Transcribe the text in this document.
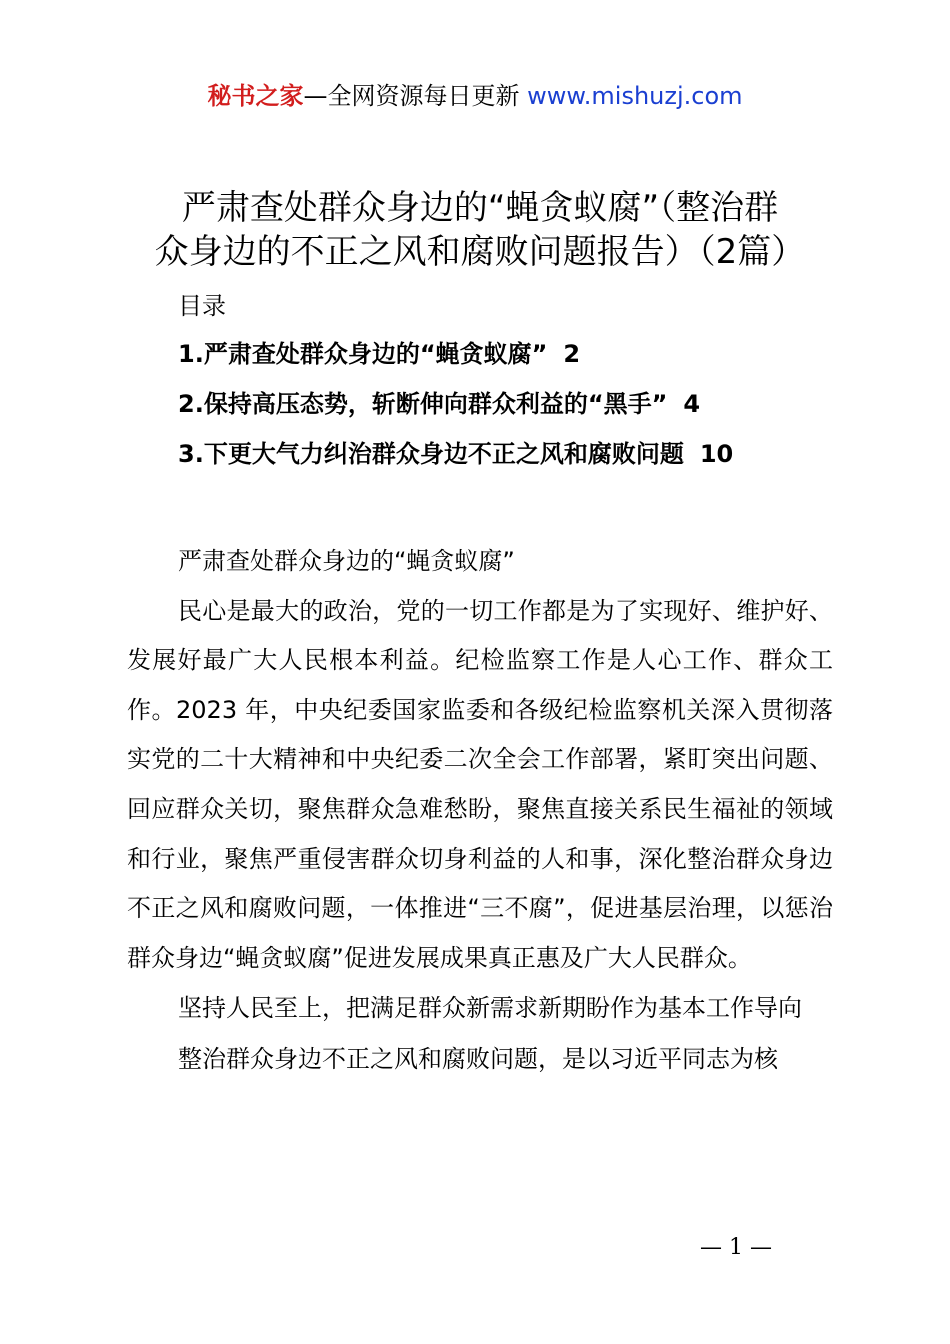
秘书之家—全网资源每日更新 www.mishuzj.com
严肃查处群众身边的“蝇贪蚁腐”（整治群
众身边的不正之风和腐败问题报告）（2篇）
目录
1.严肃查处群众身边的“蝇贪蚁腐” 2
2.保持高压态势，斩断伸向群众利益的“黑手” 4
3.下更大气力纠治群众身边不正之风和腐败问题 10

严肃查处群众身边的“蝇贪蚁腐”

民心是最大的政治，党的一切工作都是为了实现好、维护好、发展好最广大人民根本利益。纪检监察工作是人心工作、群众工作。2023 年，中央纪委国家监委和各级纪检监察机关深入贯彻落实党的二十大精神和中央纪委二次全会工作部署，紧盯突出问题、回应群众关切，聚焦群众急难愁盼，聚焦直接关系民生福祉的领域和行业，聚焦严重侵害群众切身利益的人和事，深化整治群众身边不正之风和腐败问题，一体推进“三不腐”，促进基层治理，以惩治群众身边“蝇贪蚁腐”促进发展成果真正惠及广大人民群众。

坚持人民至上，把满足群众新需求新期盼作为基本工作导向

整治群众身边不正之风和腐败问题，是以习近平同志为核

— 1 —
